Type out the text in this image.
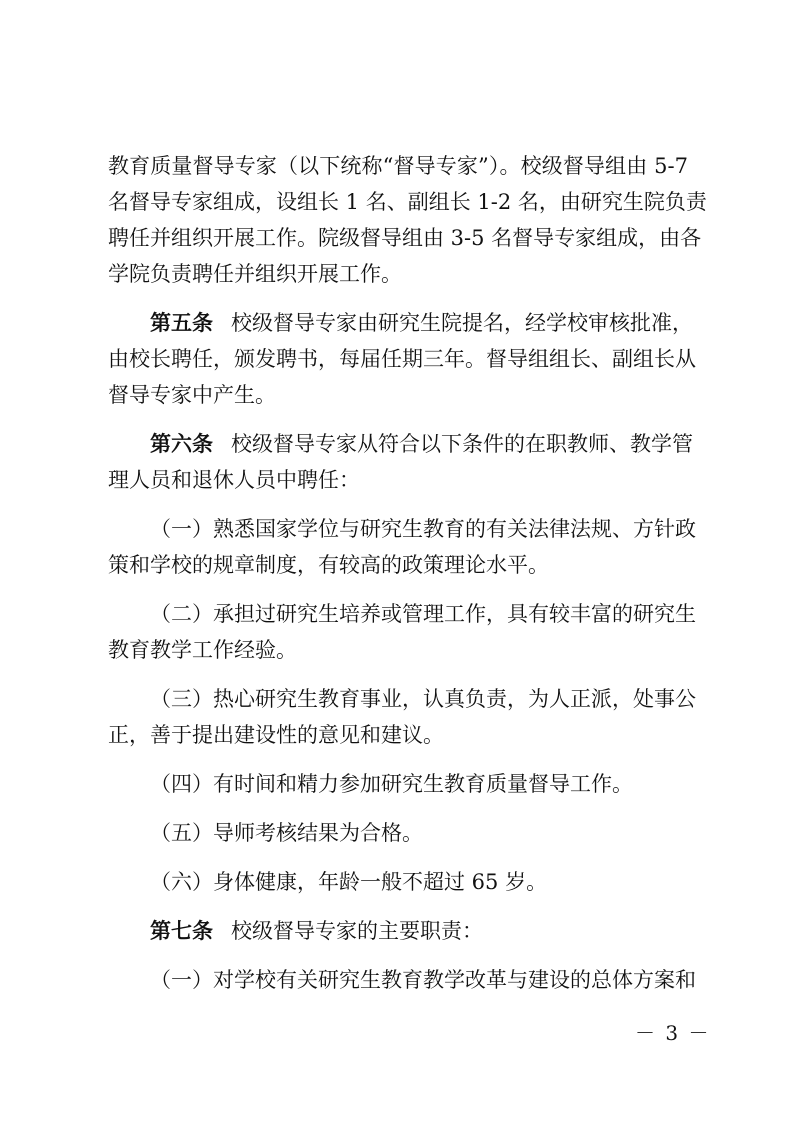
教育质量督导专家（以下统称“督导专家”）。校级督导组由 5-7
名督导专家组成，设组长 1 名、副组长 1-2 名，由研究生院负责
聘任并组织开展工作。院级督导组由 3-5 名督导专家组成，由各
学院负责聘任并组织开展工作。
第五条 校级督导专家由研究生院提名，经学校审核批准，
由校长聘任，颁发聘书，每届任期三年。督导组组长、副组长从
督导专家中产生。
第六条 校级督导专家从符合以下条件的在职教师、教学管
理人员和退休人员中聘任：
（一）熟悉国家学位与研究生教育的有关法律法规、方针政
策和学校的规章制度，有较高的政策理论水平。
（二）承担过研究生培养或管理工作，具有较丰富的研究生
教育教学工作经验。
（三）热心研究生教育事业，认真负责，为人正派，处事公
正，善于提出建设性的意见和建议。
（四）有时间和精力参加研究生教育质量督导工作。
（五）导师考核结果为合格。
（六）身体健康，年龄一般不超过 65 岁。
第七条 校级督导专家的主要职责：
（一）对学校有关研究生教育教学改革与建设的总体方案和
－ 3 －
